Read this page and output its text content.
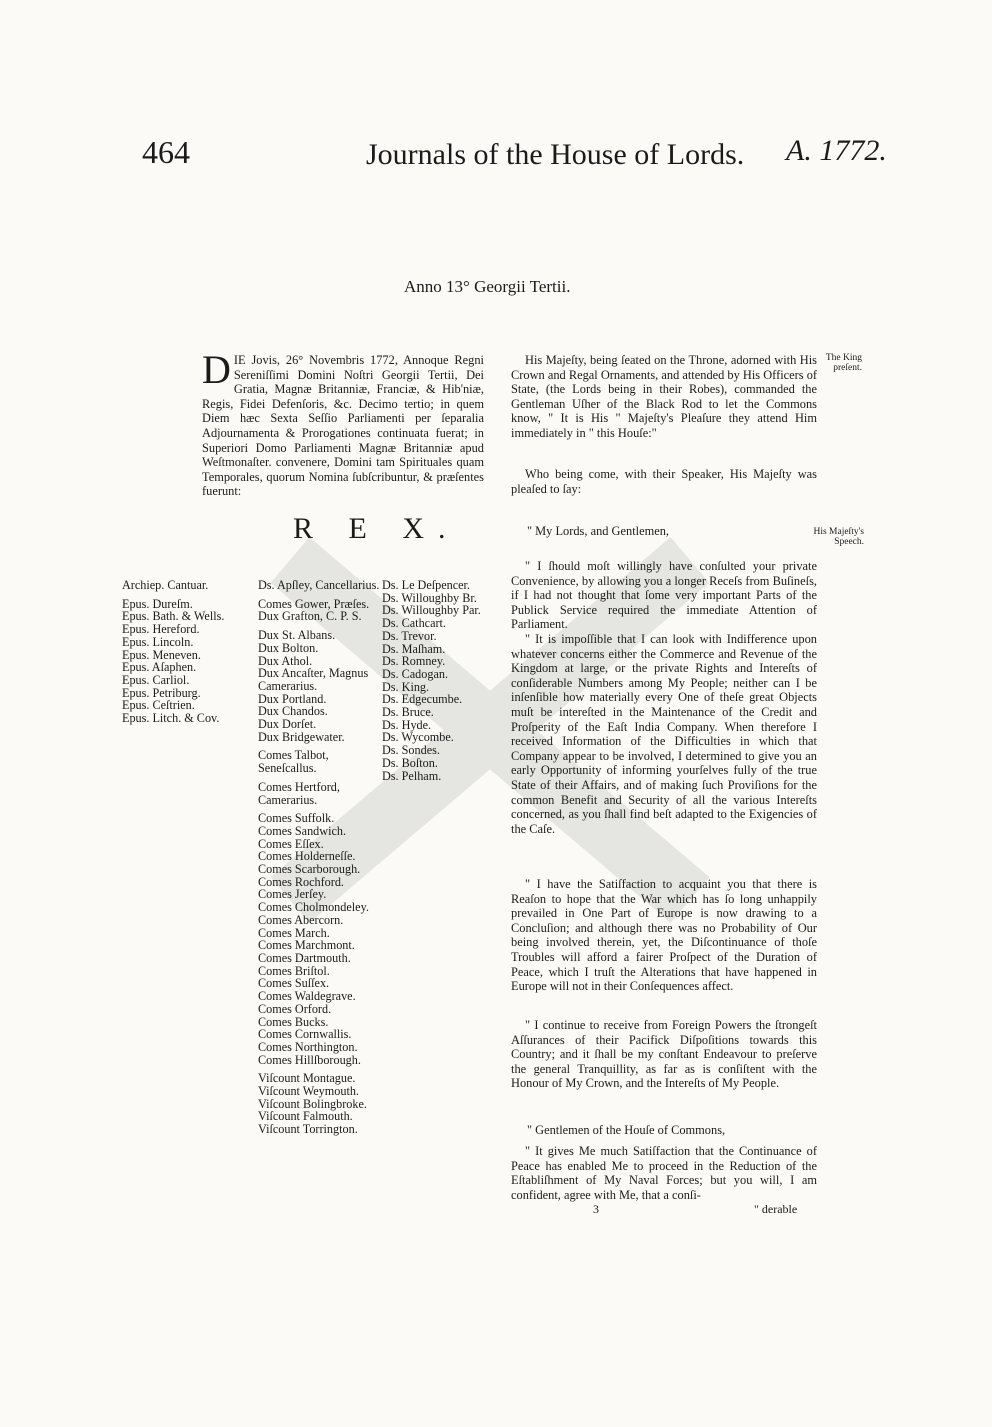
464	Journals of the House of Lords. A. 1772.
Anno 13° Georgii Tertii.
DIE Jovis, 26° Novembris 1772, Annoque Regni Sereniſſimi Domini Noſtri Georgii Tertii, Dei Gratia, Magnæ Britanniæ, Franciæ, & Hib'niæ, Regis, Fidei Defenſoris, &c. Decimo tertio; in quem Diem hæc Sexta Seſſio Parliamenti per ſeparalia Adjournamenta & Prorogationes continuata fuerat; in Superiori Domo Parliamenti Magnæ Britanniæ apud Weſtmonaſter. convenere, Domini tam Spirituales quam Temporales, quorum Nomina ſubſcribuntur, & præſentes fuerunt:
R E X.
Archiep. Cantuar.
Epus. Dureſm.
Epus. Bath. & Wells.
Epus. Hereford.
Epus. Lincoln.
Epus. Meneven.
Epus. Aſaphen.
Epus. Carliol.
Epus. Petriburg.
Epus. Ceſtrien.
Epus. Litch. & Cov.
Ds. Apſley, Cancellarius.
Comes Gower, Præſes.
Dux Grafton, C. P. S.
Dux St. Albans.
Dux Bolton.
Dux Athol.
Dux Ancaſter, Magnus Camerarius.
Dux Portland.
Dux Chandos.
Dux Dorſet.
Dux Bridgewater.
Comes Talbot, Seneſcallus.
Comes Hertford, Camerarius.
Comes Suffolk.
Comes Sandwich.
Comes Eſſex.
Comes Holderneſſe.
Comes Scarborough.
Comes Rochford.
Comes Jerſey.
Comes Cholmondeley.
Comes Abercorn.
Comes March.
Comes Marchmont.
Comes Dartmouth.
Comes Briſtol.
Comes Suſſex.
Comes Waldegrave.
Comes Orford.
Comes Bucks.
Comes Cornwallis.
Comes Northington.
Comes Hillſborough.
Viſcount Montague.
Viſcount Weymouth.
Viſcount Bolingbroke.
Viſcount Falmouth.
Viſcount Torrington.
Ds. Le Deſpencer.
Ds. Willoughby Br.
Ds. Willoughby Par.
Ds. Cathcart.
Ds. Trevor.
Ds. Maſham.
Ds. Romney.
Ds. Cadogan.
Ds. King.
Ds. Edgecumbe.
Ds. Bruce.
Ds. Hyde.
Ds. Wycombe.
Ds. Sondes.
Ds. Boſton.
Ds. Pelham.
His Majeſty, being ſeated on the Throne, adorned with His Crown and Regal Ornaments, and attended by His Officers of State, (the Lords being in their Robes), commanded the Gentleman Uſher of the Black Rod to let the Commons know, " It is His " Majeſty's Pleaſure they attend Him immediately in " this Houſe:"
Who being come, with their Speaker, His Majeſty was pleaſed to ſay:
" My Lords, and Gentlemen,
" I ſhould moſt willingly have conſulted your private Convenience, by allowing you a longer Receſs from Buſineſs, if I had not thought that ſome very important Parts of the Publick Service required the immediate Attention of Parliament.
" It is impoſſible that I can look with Indifference upon whatever concerns either the Commerce and Revenue of the Kingdom at large, or the private Rights and Intereſts of conſiderable Numbers among My People; neither can I be inſenſible how materially every One of theſe great Objects muſt be intereſted in the Maintenance of the Credit and Proſperity of the Eaſt India Company. When therefore I received Information of the Difficulties in which that Company appear to be involved, I determined to give you an early Opportunity of informing yourſelves fully of the true State of their Affairs, and of making ſuch Proviſions for the common Benefit and Security of all the various Intereſts concerned, as you ſhall find beſt adapted to the Exigencies of the Caſe.
" I have the Satiſfaction to acquaint you that there is Reaſon to hope that the War which has ſo long unhappily prevailed in One Part of Europe is now drawing to a Concluſion; and although there was no Probability of Our being involved therein, yet, the Diſcontinuance of thoſe Troubles will afford a fairer Proſpect of the Duration of Peace, which I truſt the Alterations that have happened in Europe will not in their Conſequences affect.
" I continue to receive from Foreign Powers the ſtrongeſt Aſſurances of their Pacifick Diſpoſitions towards this Country; and it ſhall be my conſtant Endeavour to preſerve the general Tranquillity, as far as is conſiſtent with the Honour of My Crown, and the Intereſts of My People.
" Gentlemen of the Houſe of Commons,
" It gives Me much Satiſfaction that the Continuance of Peace has enabled Me to proceed in the Reduction of the Eſtabliſhment of My Naval Forces; but you will, I am confident, agree with Me, that a conſi-
The King preſent.
His Majeſty's Speech.
3	" derable
